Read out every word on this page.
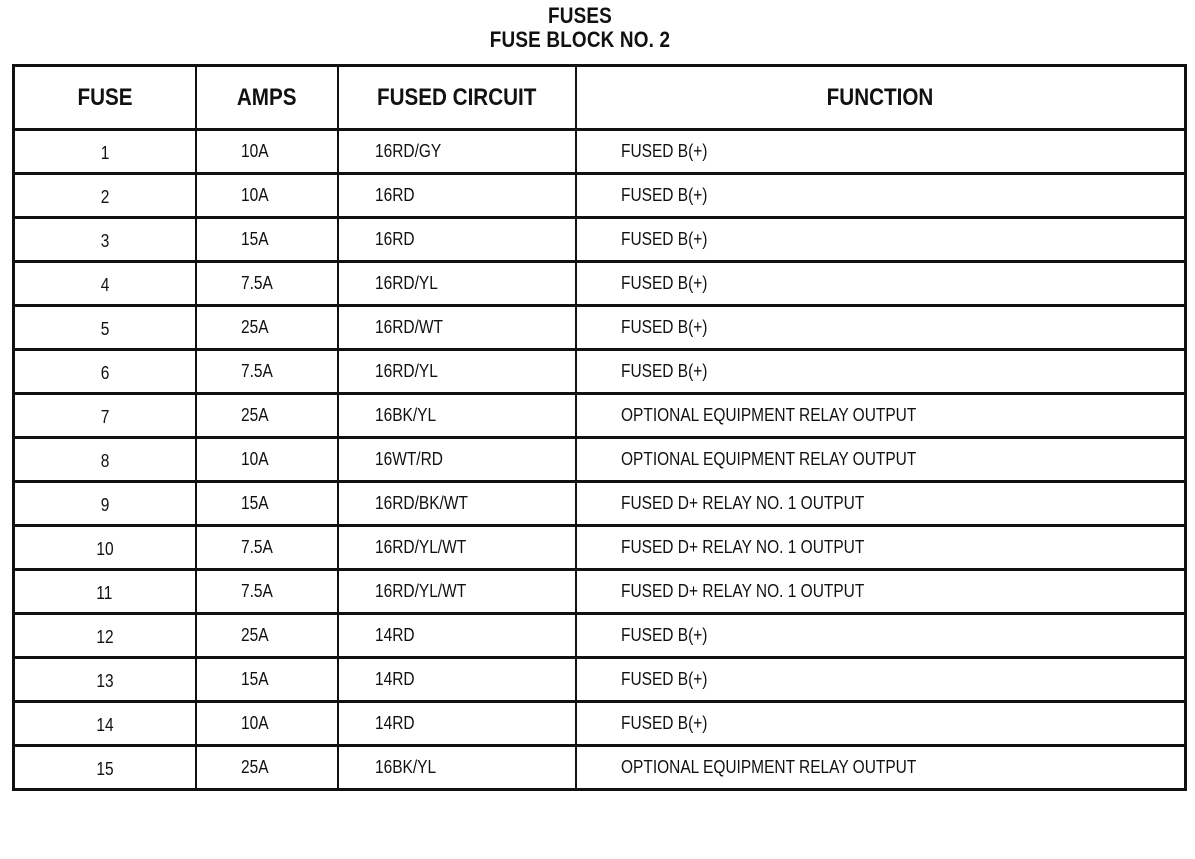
FUSES
FUSE BLOCK NO. 2
FUSE	AMPS	FUSED CIRCUIT	FUNCTION
1	10A	16RD/GY	FUSED B(+)
2	10A	16RD	FUSED B(+)
3	15A	16RD	FUSED B(+)
4	7.5A	16RD/YL	FUSED B(+)
5	25A	16RD/WT	FUSED B(+)
6	7.5A	16RD/YL	FUSED B(+)
7	25A	16BK/YL	OPTIONAL EQUIPMENT RELAY OUTPUT
8	10A	16WT/RD	OPTIONAL EQUIPMENT RELAY OUTPUT
9	15A	16RD/BK/WT	FUSED D+ RELAY NO. 1 OUTPUT
10	7.5A	16RD/YL/WT	FUSED D+ RELAY NO. 1 OUTPUT
11	7.5A	16RD/YL/WT	FUSED D+ RELAY NO. 1 OUTPUT
12	25A	14RD	FUSED B(+)
13	15A	14RD	FUSED B(+)
14	10A	14RD	FUSED B(+)
15	25A	16BK/YL	OPTIONAL EQUIPMENT RELAY OUTPUT
